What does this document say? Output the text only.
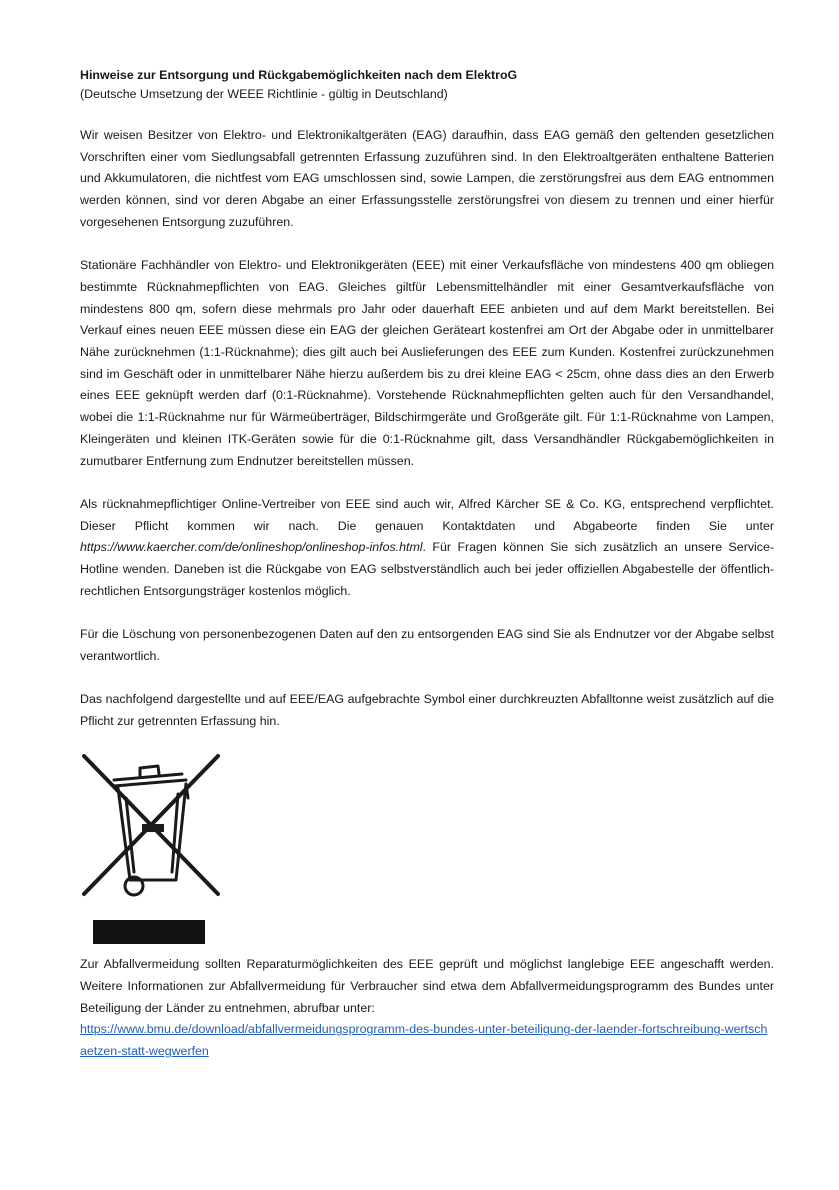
Hinweise zur Entsorgung und Rückgabemöglichkeiten nach dem ElektroG

(Deutsche Umsetzung der WEEE Richtlinie - gültig in Deutschland)

Wir weisen Besitzer von Elektro- und Elektronikaltgeräten (EAG) daraufhin, dass EAG gemäß den geltenden gesetzlichen Vorschriften einer vom Siedlungsabfall getrennten Erfassung zuzuführen sind. In den Elektroaltgeräten enthaltene Batterien und Akkumulatoren, die nichtfest vom EAG umschlossen sind, sowie Lampen, die zerstörungsfrei aus dem EAG entnommen werden können, sind vor deren Abgabe an einer Erfassungsstelle zerstörungsfrei von diesem zu trennen und einer hierfür vorgesehenen Entsorgung zuzuführen.

Stationäre Fachhändler von Elektro- und Elektronikgeräten (EEE) mit einer Verkaufsfläche von mindestens 400 qm obliegen bestimmte Rücknahmepflichten von EAG. Gleiches giltfür Lebensmittelhändler mit einer Gesamtverkaufsfläche von mindestens 800 qm, sofern diese mehrmals pro Jahr oder dauerhaft EEE anbieten und auf dem Markt bereitstellen. Bei Verkauf eines neuen EEE müssen diese ein EAG der gleichen Geräteart kostenfrei am Ort der Abgabe oder in unmittelbarer Nähe zurücknehmen (1:1-Rücknahme); dies gilt auch bei Auslieferungen des EEE zum Kunden. Kostenfrei zurückzunehmen sind im Geschäft oder in unmittelbarer Nähe hierzu außerdem bis zu drei kleine EAG < 25cm, ohne dass dies an den Erwerb eines EEE geknüpft werden darf (0:1-Rücknahme). Vorstehende Rücknahmepflichten gelten auch für den Versandhandel, wobei die 1:1-Rücknahme nur für Wärmeüberträger, Bildschirmgeräte und Großgeräte gilt. Für 1:1-Rücknahme von Lampen, Kleingeräten und kleinen ITK-Geräten sowie für die 0:1-Rücknahme gilt, dass Versandhändler Rückgabemöglichkeiten in zumutbarer Entfernung zum Endnutzer bereitstellen müssen.

Als rücknahmepflichtiger Online-Vertreiber von EEE sind auch wir, Alfred Kärcher SE & Co. KG, entsprechend verpflichtet. Dieser Pflicht kommen wir nach. Die genauen Kontaktdaten und Abgabeorte finden Sie unter https://www.kaercher.com/de/onlineshop/onlineshop-infos.html. Für Fragen können Sie sich zusätzlich an unsere Service-Hotline wenden. Daneben ist die Rückgabe von EAG selbstverständlich auch bei jeder offiziellen Abgabestelle der öffentlich-rechtlichen Entsorgungsträger kostenlos möglich.

Für die Löschung von personenbezogenen Daten auf den zu entsorgenden EAG sind Sie als Endnutzer vor der Abgabe selbst verantwortlich.

Das nachfolgend dargestellte und auf EEE/EAG aufgebrachte Symbol einer durchkreuzten Abfalltonne weist zusätzlich auf die Pflicht zur getrennten Erfassung hin.

Zur Abfallvermeidung sollten Reparaturmöglichkeiten des EEE geprüft und möglichst langlebige EEE angeschafft werden. Weitere Informationen zur Abfallvermeidung für Verbraucher sind etwa dem Abfallvermeidungsprogramm des Bundes unter Beteiligung der Länder zu entnehmen, abrufbar unter:
https://www.bmu.de/download/abfallvermeidungsprogramm-des-bundes-unter-beteiligung-der-laender-fortschreibung-wertschaetzen-statt-wegwerfen
